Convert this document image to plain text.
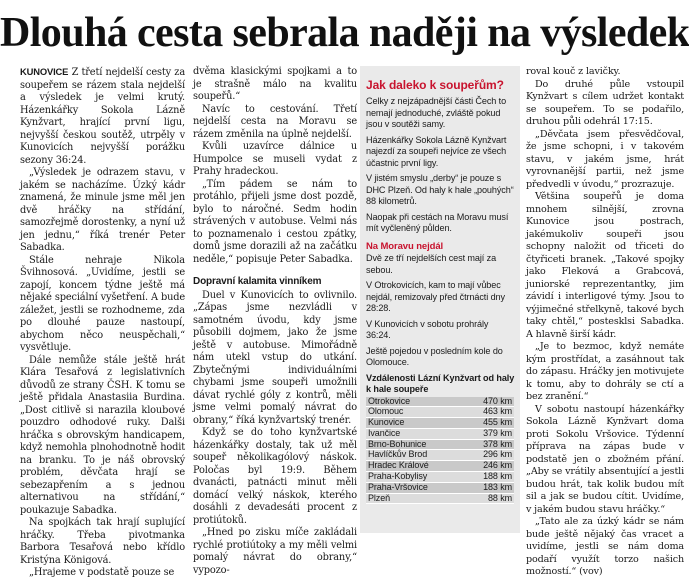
Dlouhá cesta sebrala naději na výsledek

KUNOVICE Z třetí nejdelší cesty za soupeřem se rázem stala nejdelší a výsledek je velmi krutý. Házenkářky Sokola Lázně Kynžvart, hrající první ligu, nejvyšší českou soutěž, utrpěly v Kunovicích nejvyšší porážku sezony 36:24.

„Výsledek je odrazem stavu, v jakém se nacházíme. Úzký kádr znamená, že minule jsme měl jen dvě hráčky na střídání, samozřejmě dorostenky, a nyní už jen jednu,“ říká trenér Peter Sabadka.

Stále nehraje Nikola Švihnosová. „Uvidíme, jestli se zapojí, koncem týdne ještě má nějaké speciální vyšetření. A bude záležet, jestli se rozhodneme, zda po dlouhé pauze nastoupí, abychom něco neuspěchali,“ vysvětluje.

Dále nemůže stále ještě hrát Klára Tesařová z legislativních důvodů ze strany ČSH. K tomu se ještě přidala Anastasiia Burdina. „Dost citlivě si narazila kloubové pouzdro odhodové ruky. Dalši hráčka s obrovským handicapem, když nemohla plnohodnotně hodit na branku. To je náš obrovský problém, děvčata hrají se sebezapřením a s jednou alternativou na střídání,“ poukazuje Sabadka.

Na spojkách tak hrají suplující hráčky. Třeba pivotmanka Barbora Tesařová nebo křídlo Kristýna Königová.

„Hrajeme v podstatě pouze se

dvěma klasickými spojkami a to je strašně málo na kvalitu soupeřů.“

Navíc to cestování. Třetí nejdelší cesta na Moravu se rázem změnila na úplně nejdelší.

Kvůli uzavírce dálnice u Humpolce se museli vydat z Prahy hradeckou.

„Tím pádem se nám to protáhlo, přijeli jsme dost pozdě, bylo to náročné. Sedm hodin strávených v autobuse. Velmi nás to poznamenalo i cestou zpátky, domů jsme dorazili až na začátku neděle,“ popisuje Peter Sabadka.

Dopravní kalamita vinníkem

Duel v Kunovicích to ovlivnilo. „Zápas jsme nezvládli v samotném úvodu, kdy jsme působili dojmem, jako že jsme ještě v autobuse. Mimořádně nám utekl vstup do utkání. Zbytečnými individuálními chybami jsme soupeři umožnili dávat rychlé góly z kontrů, měli jsme velmi pomalý návrat do obrany,“ říká kynžvartský trenér.

Když se do toho kynžvartské házenkářky dostaly, tak už měl soupeř několikagólový náskok. Poločas byl 19:9. Během dvanácti, patnácti minut měli domácí velký náskok, kterého dosáhli z devadesáti procent z protiútoků.

„Hned po zisku míče zakládali rychlé protiútoky a my měli velmi pomalý návrat do obrany,“ vypozo-

Jak daleko k soupeřům?

Celky z nejzápadnější části Čech to nemají jednoduché, zvláště pokud jsou v soutěži samy.

Házenkářky Sokola Lázně Kynžvart najezdí za soupeři nejvíce ze všech účastnic první ligy.

V jistém smyslu „derby“ je pouze s DHC Plzeň. Od haly k hale „pouhých“ 88 kilometrů.

Naopak při cestách na Moravu musí mít vyčleněný půlden.

Na Moravu nejdál

Dvě ze tří nejdelších cest mají za sebou.

V Otrokovicích, kam to mají vůbec nejdál, remizovaly před čtrnácti dny 28:28.

V Kunovicích v sobotu prohrály 36:24.

Ještě pojedou v posledním kole do Olomouce.

Vzdálenosti Lázní Kynžvart od haly k hale soupeře
Otrokovice	470 km
Olomouc	463 km
Kunovice	455 km
Ivančice	379 km
Brno-Bohunice	378 km
Havlíčkův Brod	296 km
Hradec Králové	246 km
Praha-Kobylisy	188 km
Praha-Vršovice	183 km
Plzeň	88 km

roval kouč z lavičky.

Do druhé půle vstoupil Kynžvart s cílem udržet kontakt se soupeřem. To se podařilo, druhou půli odehrál 17:15.

„Děvčata jsem přesvědčoval, že jsme schopni, i v takovém stavu, v jakém jsme, hrát vyrovnanější partii, než jsme předvedli v úvodu,“ prozrazuje.

Většina soupeřů je doma mnohem silnější, zrovna Kunovice jsou postrach, jakémukoliv soupeři jsou schopny naložit od třiceti do čtyřiceti branek. „Takové spojky jako Fleková a Grabcová, juniorské reprezentantky, jim závidí i interligové týmy. Jsou to výjimečné střelkyně, takové bych taky chtěl,“ postesklsi Sabadka. A hlavně širší kádr.

„Je to bezmoc, když nemáte kým prostřídat, a zasáhnout tak do zápasu. Hráčky jen motivujete k tomu, aby to dohrály se ctí a bez zranění.“

V sobotu nastoupí házenkářky Sokola Lázně Kynžvart doma proti Sokolu Vršovice. Týdenní příprava na zápas bude v podstatě jen o zbožném přání. „Aby se vrátily absentující a jestli budou hrát, tak kolik budou mít sil a jak se budou cítit. Uvidíme, v jakém budou stavu hráčky.“

„Tato ale za úzký kádr se nám bude ještě nějaký čas vracet a uvidíme, jestli se nám doma podaří využít torzo našich možností.“ (vov)
